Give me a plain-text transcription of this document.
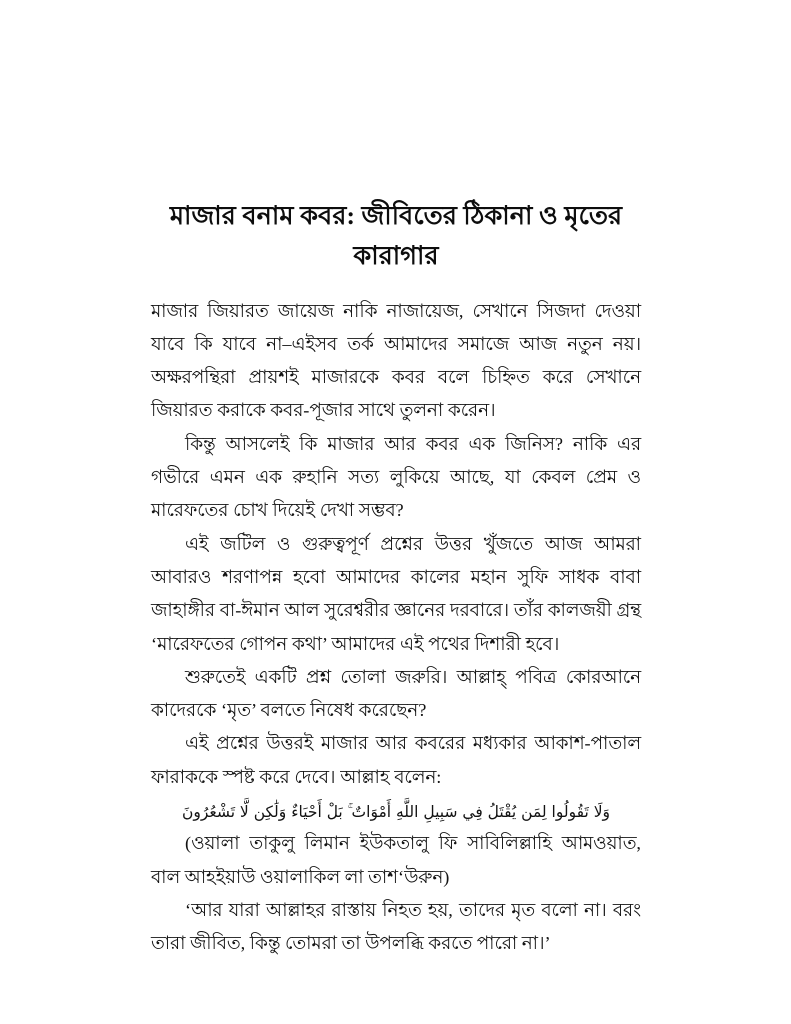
মাজার বনাম কবর: জীবিতের ঠিকানা ও মৃতের কারাগার

মাজার জিয়ারত জায়েজ নাকি নাজায়েজ, সেখানে সিজদা দেওয়া যাবে কি যাবে না–এইসব তর্ক আমাদের সমাজে আজ নতুন নয়। অক্ষরপন্থিরা প্রায়শই মাজারকে কবর বলে চিহ্নিত করে সেখানে জিয়ারত করাকে কবর-পূজার সাথে তুলনা করেন।

কিন্তু আসলেই কি মাজার আর কবর এক জিনিস? নাকি এর গভীরে এমন এক রুহানি সত্য লুকিয়ে আছে, যা কেবল প্রেম ও মারেফতের চোখ দিয়েই দেখা সম্ভব?

এই জটিল ও গুরুত্বপূর্ণ প্রশ্নের উত্তর খুঁজতে আজ আমরা আবারও শরণাপন্ন হবো আমাদের কালের মহান সুফি সাধক বাবা জাহাঙ্গীর বা-ঈমান আল সুরেশ্বরীর জ্ঞানের দরবারে। তাঁর কালজয়ী গ্রন্থ ‘মারেফতের গোপন কথা’ আমাদের এই পথের দিশারী হবে।

শুরুতেই একটি প্রশ্ন তোলা জরুরি। আল্লাহ্‌ পবিত্র কোরআনে কাদেরকে ‘মৃত’ বলতে নিষেধ করেছেন?

এই প্রশ্নের উত্তরই মাজার আর কবরের মধ্যকার আকাশ-পাতাল ফারাককে স্পষ্ট করে দেবে। আল্লাহ বলেন:

وَلَا تَقُولُوا لِمَن يُقْتَلُ فِي سَبِيلِ اللَّهِ أَمْوَاتٌ ۚ بَلْ أَحْيَاءٌ وَلَٰكِن لَّا تَشْعُرُونَ

(ওয়ালা তাকুলু লিমান ইউকতালু ফি সাবিলিল্লাহি আমওয়াত, বাল আহইয়াউ ওয়ালাকিল লা তাশ‘উরুন)

‘আর যারা আল্লাহর রাস্তায় নিহত হয়, তাদের মৃত বলো না। বরং তারা জীবিত, কিন্তু তোমরা তা উপলব্ধি করতে পারো না।’
